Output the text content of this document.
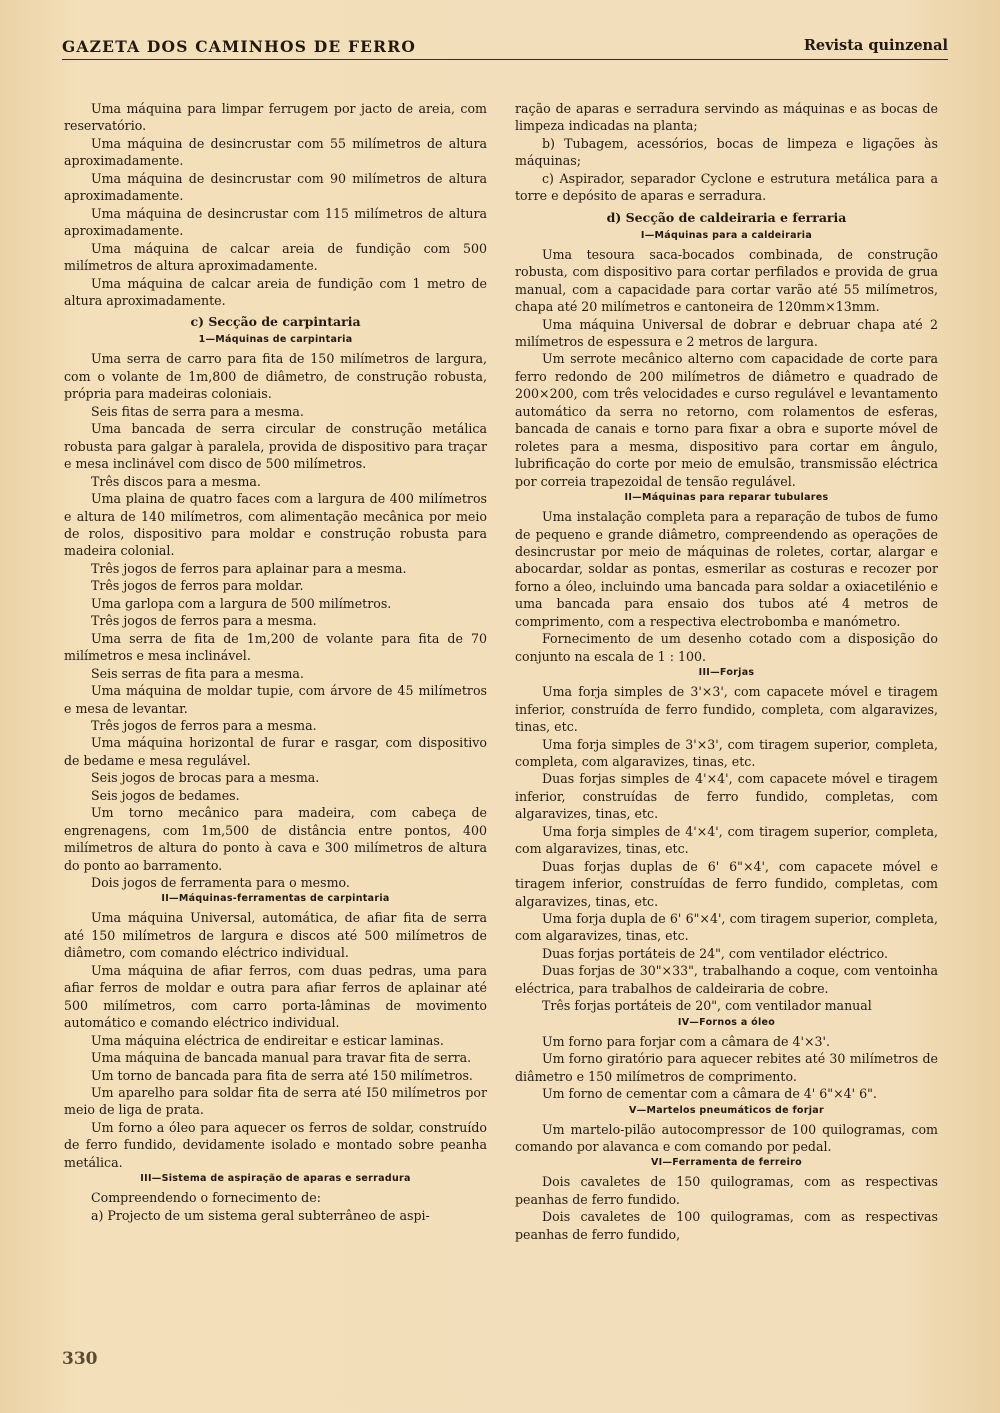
GAZETA DOS CAMINHOS DE FERRO	Revista quinzenal

Uma máquina para limpar ferrugem por jacto de areia, com reservatório.

Uma máquina de desincrustar com 55 milímetros de altura aproximadamente.

Uma máquina de desincrustar com 90 milímetros de altura aproximadamente.

Uma máquina de desincrustar com 115 milímetros de altura aproximadamente.

Uma máquina de calcar areia de fundição com 500 milímetros de altura aproximadamente.

Uma máquina de calcar areia de fundição com 1 metro de altura aproximadamente.

c) Secção de carpintaria
1—Máquinas de carpintaria

Uma serra de carro para fita de 150 milímetros de largura, com o volante de 1m,800 de diâmetro, de construção robusta, própria para madeiras coloniais.

Seis fitas de serra para a mesma.

Uma bancada de serra circular de construção metálica robusta para galgar à paralela, provida de dispositivo para traçar e mesa inclinável com disco de 500 milímetros.

Três discos para a mesma.

Uma plaina de quatro faces com a largura de 400 milímetros e altura de 140 milímetros, com alimentação mecânica por meio de rolos, dispositivo para moldar e construção robusta para madeira colonial.

Três jogos de ferros para aplainar para a mesma.

Três jogos de ferros para moldar.

Uma garlopa com a largura de 500 milímetros.

Três jogos de ferros para a mesma.

Uma serra de fita de 1m,200 de volante para fita de 70 milímetros e mesa inclinável.

Seis serras de fita para a mesma.

Uma máquina de moldar tupie, com árvore de 45 milímetros e mesa de levantar.

Três jogos de ferros para a mesma.

Uma máquina horizontal de furar e rasgar, com dispositivo de bedame e mesa regulável.

Seis jogos de brocas para a mesma.

Seis jogos de bedames.

Um torno mecânico para madeira, com cabeça de engrenagens, com 1m,500 de distância entre pontos, 400 milímetros de altura do ponto à cava e 300 milímetros de altura do ponto ao barramento.

Dois jogos de ferramenta para o mesmo.

II—Máquinas-ferramentas de carpintaria

Uma máquina Universal, automática, de afiar fita de serra até 150 milímetros de largura e discos até 500 milímetros de diâmetro, com comando eléctrico individual.

Uma máquina de afiar ferros, com duas pedras, uma para afiar ferros de moldar e outra para afiar ferros de aplainar até 500 milímetros, com carro porta-lâminas de movimento automático e comando eléctrico individual.

Uma máquina eléctrica de endireitar e esticar laminas.

Uma máquina de bancada manual para travar fita de serra.

Um torno de bancada para fita de serra até 150 milímetros.

Um aparelho para soldar fita de serra até I50 milímetros por meio de liga de prata.

Um forno a óleo para aquecer os ferros de soldar, construído de ferro fundido, devidamente isolado e montado sobre peanha metálica.

III—Sistema de aspiração de aparas e serradura

Compreendendo o fornecimento de:

a) Projecto de um sistema geral subterrâneo de aspi-

ração de aparas e serradura servindo as máquinas e as bocas de limpeza indicadas na planta;

b) Tubagem, acessórios, bocas de limpeza e ligações às máquinas;

c) Aspirador, separador Cyclone e estrutura metálica para a torre e depósito de aparas e serradura.

d) Secção de caldeiraria e ferraria
I—Máquinas para a caldeiraria

Uma tesoura saca-bocados combinada, de construção robusta, com dispositivo para cortar perfilados e provida de grua manual, com a capacidade para cortar varão até 55 milímetros, chapa até 20 milímetros e cantoneira de 120mm×13mm.

Uma máquina Universal de dobrar e debruar chapa até 2 milímetros de espessura e 2 metros de largura.

Um serrote mecânico alterno com capacidade de corte para ferro redondo de 200 milímetros de diâmetro e quadrado de 200×200, com três velocidades e curso regulável e levantamento automático da serra no retorno, com rolamentos de esferas, bancada de canais e torno para fixar a obra e suporte móvel de roletes para a mesma, dispositivo para cortar em ângulo, lubrificação do corte por meio de emulsão, transmissão eléctrica por correia trapezoidal de tensão regulável.

II—Máquinas para reparar tubulares

Uma instalação completa para a reparação de tubos de fumo de pequeno e grande diâmetro, compreendendo as operações de desincrustar por meio de máquinas de roletes, cortar, alargar e abocardar, soldar as pontas, esmerilar as costuras e recozer por forno a óleo, incluindo uma bancada para soldar a oxiacetilénio e uma bancada para ensaio dos tubos até 4 metros de comprimento, com a respectiva electrobomba e manómetro.

Fornecimento de um desenho cotado com a disposição do conjunto na escala de 1 : 100.

III—Forjas

Uma forja simples de 3'×3', com capacete móvel e tiragem inferior, construída de ferro fundido, completa, com algaravizes, tinas, etc.

Uma forja simples de 3'×3', com tiragem superior, completa, completa, com algaravizes, tinas, etc.

Duas forjas simples de 4'×4', com capacete móvel e tiragem inferior, construídas de ferro fundido, completas, com algaravizes, tinas, etc.

Uma forja simples de 4'×4', com tiragem superior, completa, com algaravizes, tinas, etc.

Duas forjas duplas de 6' 6"×4', com capacete móvel e tiragem inferior, construídas de ferro fundido, completas, com algaravizes, tinas, etc.

Uma forja dupla de 6' 6"×4', com tiragem superior, completa, com algaravizes, tinas, etc.

Duas forjas portáteis de 24", com ventilador eléctrico.

Duas forjas de 30"×33", trabalhando a coque, com ventoinha eléctrica, para trabalhos de caldeiraria de cobre.

Três forjas portáteis de 20", com ventilador manual

IV—Fornos a óleo

Um forno para forjar com a câmara de 4'×3'.

Um forno giratório para aquecer rebites até 30 milímetros de diâmetro e 150 milímetros de comprimento.

Um forno de cementar com a câmara de 4' 6"×4' 6".

V—Martelos pneumáticos de forjar

Um martelo-pilão autocompressor de 100 quilogramas, com comando por alavanca e com comando por pedal.

VI—Ferramenta de ferreiro

Dois cavaletes de 150 quilogramas, com as respectivas peanhas de ferro fundido.

Dois cavaletes de 100 quilogramas, com as respectivas peanhas de ferro fundido,

330
